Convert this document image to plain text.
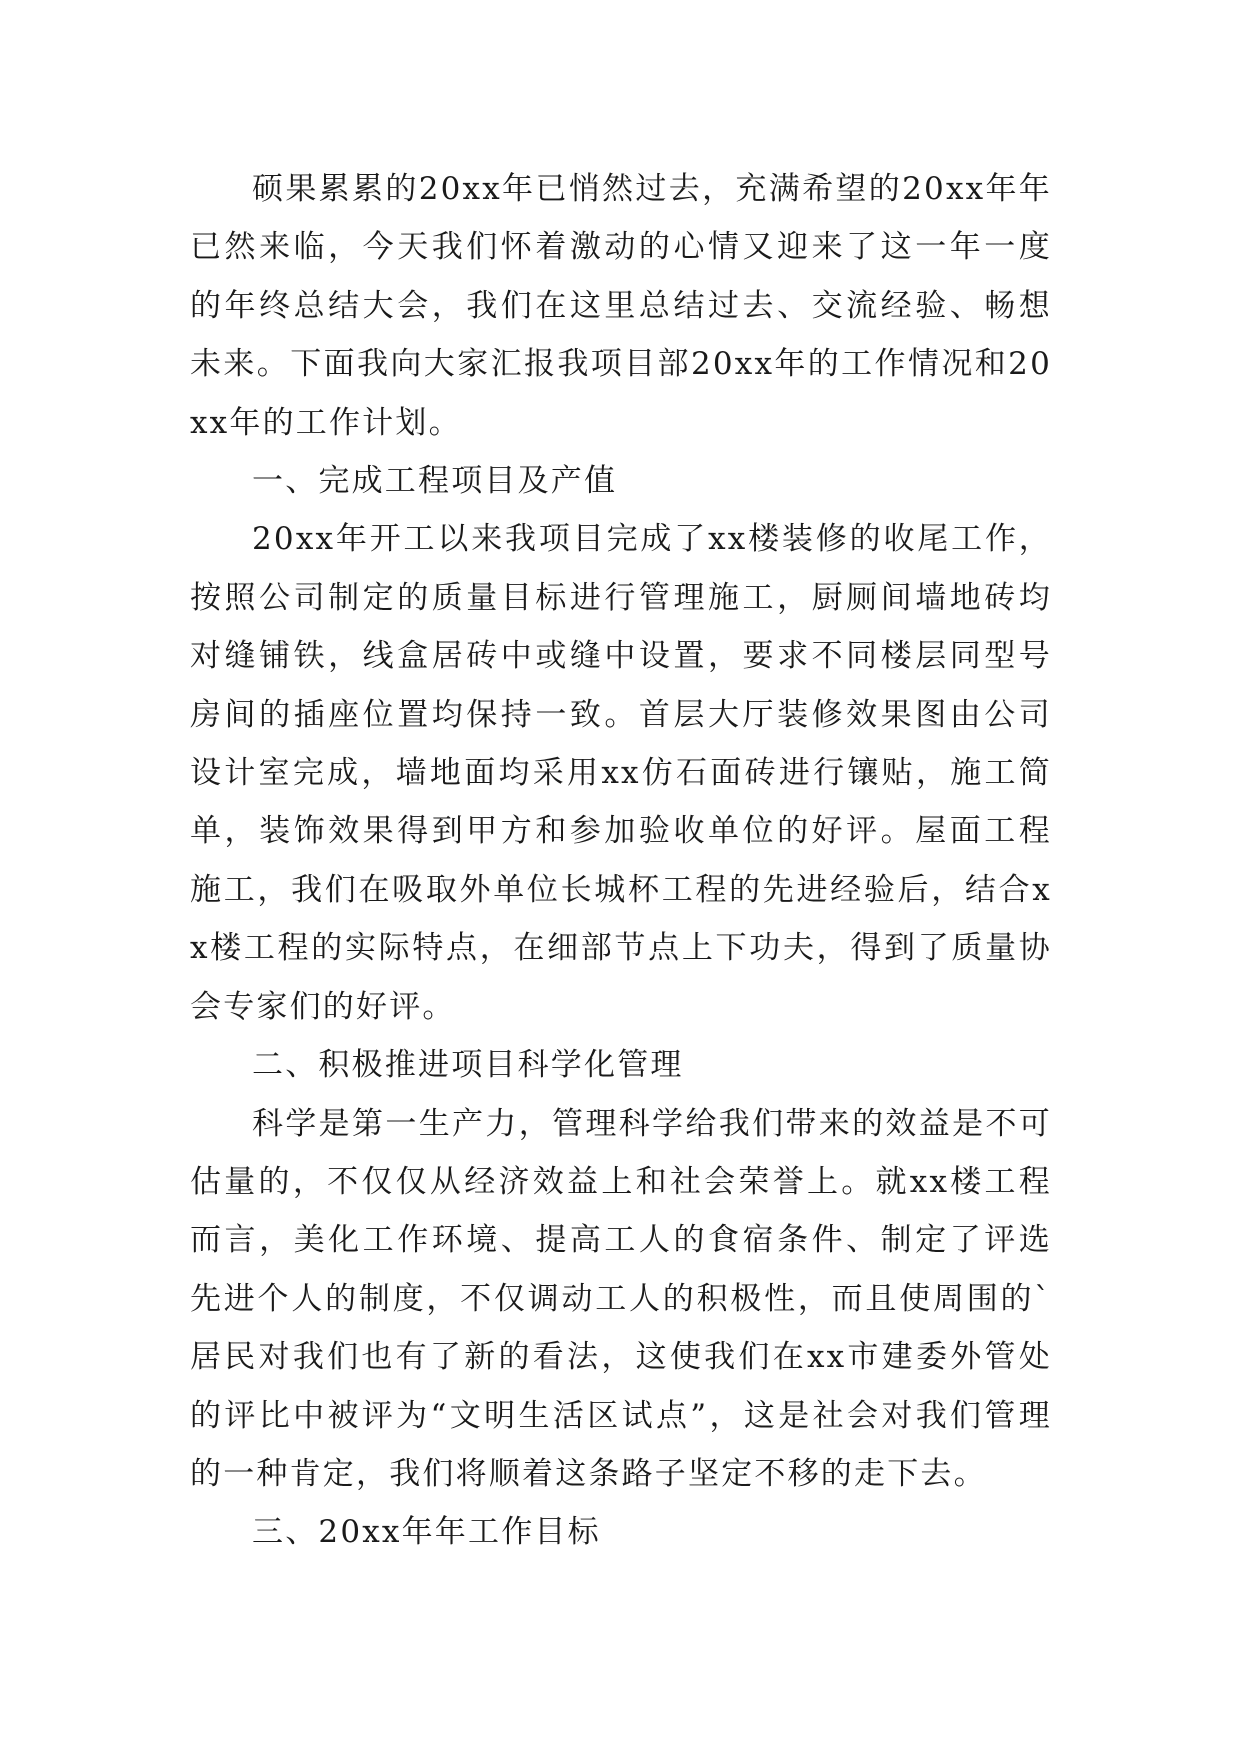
硕果累累的20xx年已悄然过去，充满希望的20xx年年已然来临，今天我们怀着激动的心情又迎来了这一年一度的年终总结大会，我们在这里总结过去、交流经验、畅想未来。下面我向大家汇报我项目部20xx年的工作情况和20xx年的工作计划。

一、完成工程项目及产值

20xx年开工以来我项目完成了xx楼装修的收尾工作，按照公司制定的质量目标进行管理施工，厨厕间墙地砖均对缝铺铁，线盒居砖中或缝中设置，要求不同楼层同型号房间的插座位置均保持一致。首层大厅装修效果图由公司设计室完成，墙地面均采用xx仿石面砖进行镶贴，施工简单，装饰效果得到甲方和参加验收单位的好评。屋面工程施工，我们在吸取外单位长城杯工程的先进经验后，结合xx楼工程的实际特点，在细部节点上下功夫，得到了质量协会专家们的好评。

二、积极推进项目科学化管理

科学是第一生产力，管理科学给我们带来的效益是不可估量的，不仅仅从经济效益上和社会荣誉上。就xx楼工程而言，美化工作环境、提高工人的食宿条件、制定了评选先进个人的制度，不仅调动工人的积极性，而且使周围的`居民对我们也有了新的看法，这使我们在xx市建委外管处的评比中被评为“文明生活区试点”，这是社会对我们管理的一种肯定，我们将顺着这条路子坚定不移的走下去。

三、20xx年年工作目标
